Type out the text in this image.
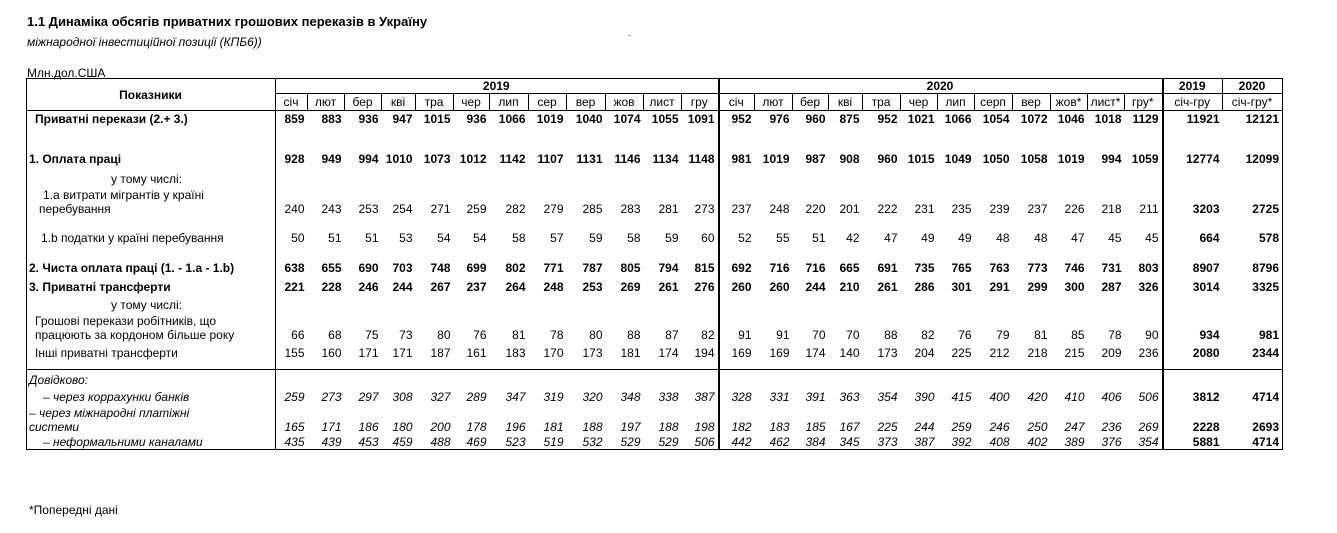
1.1 Динаміка обсягів приватних грошових переказів в Україну
міжнародної інвестиційної позиції (КПБ6))	-
Млн.дол.США
Показники	2019												2020												2019	2020
	січ	лют	бер	кві	тра	чер	лип	сер	вер	жов	лист	гру	січ	лют	бер	кві	тра	чер	лип	серп	вер	жов*	лист*	гру*	січ-гру	січ-гру*
Приватні перекази (2.+ 3.)	859	883	936	947	1015	936	1066	1019	1040	1074	1055	1091	952	976	960	875	952	1021	1066	1054	1072	1046	1018	1129	11921	12121

1. Оплата праці	928	949	994	1010	1073	1012	1142	1107	1131	1146	1134	1148	981	1019	987	908	960	1015	1049	1050	1058	1019	994	1059	12774	12099
у тому числі:																										

1.а витрати мігрантів у країні
перебування	240	243	253	254	271	259	282	279	285	283	281	273	237	248	220	201	222	231	235	239	237	226	218	211	3203	2725
1.b податки у країні перебування	50	51	51	53	54	54	58	57	59	58	59	60	52	55	51	42	47	49	49	48	48	47	45	45	664	578

2. Чиста оплата праці (1. - 1.а - 1.b)	638	655	690	703	748	699	802	771	787	805	794	815	692	716	716	665	691	735	765	763	773	746	731	803	8907	8796
3. Приватні трансферти	221	228	246	244	267	237	264	248	253	269	261	276	260	260	244	210	261	286	301	291	299	300	287	326	3014	3325
у тому числі:																										

Грошові перекази робітників, що
працюють за кордоном більше року	66	68	75	73	80	76	81	78	80	88	87	82	91	91	70	70	88	82	76	79	81	85	78	90	934	981
Інші приватні трансферти	155	160	171	171	187	161	183	170	173	181	174	194	169	169	174	140	173	204	225	212	218	215	209	236	2080	2344

Довідково:																										
– через коррахунки банків	259	273	297	308	327	289	347	319	320	348	338	387	328	331	391	363	354	390	415	400	420	410	406	506	3812	4714

– через міжнародні платіжні
системи	165	171	186	180	200	178	196	181	188	197	188	198	182	183	185	167	225	244	259	246	250	247	236	269	2228	2693
– неформальними каналами	435	439	453	459	488	469	523	519	532	529	529	506	442	462	384	345	373	387	392	408	402	389	376	354	5881	4714
*Попередні дані
